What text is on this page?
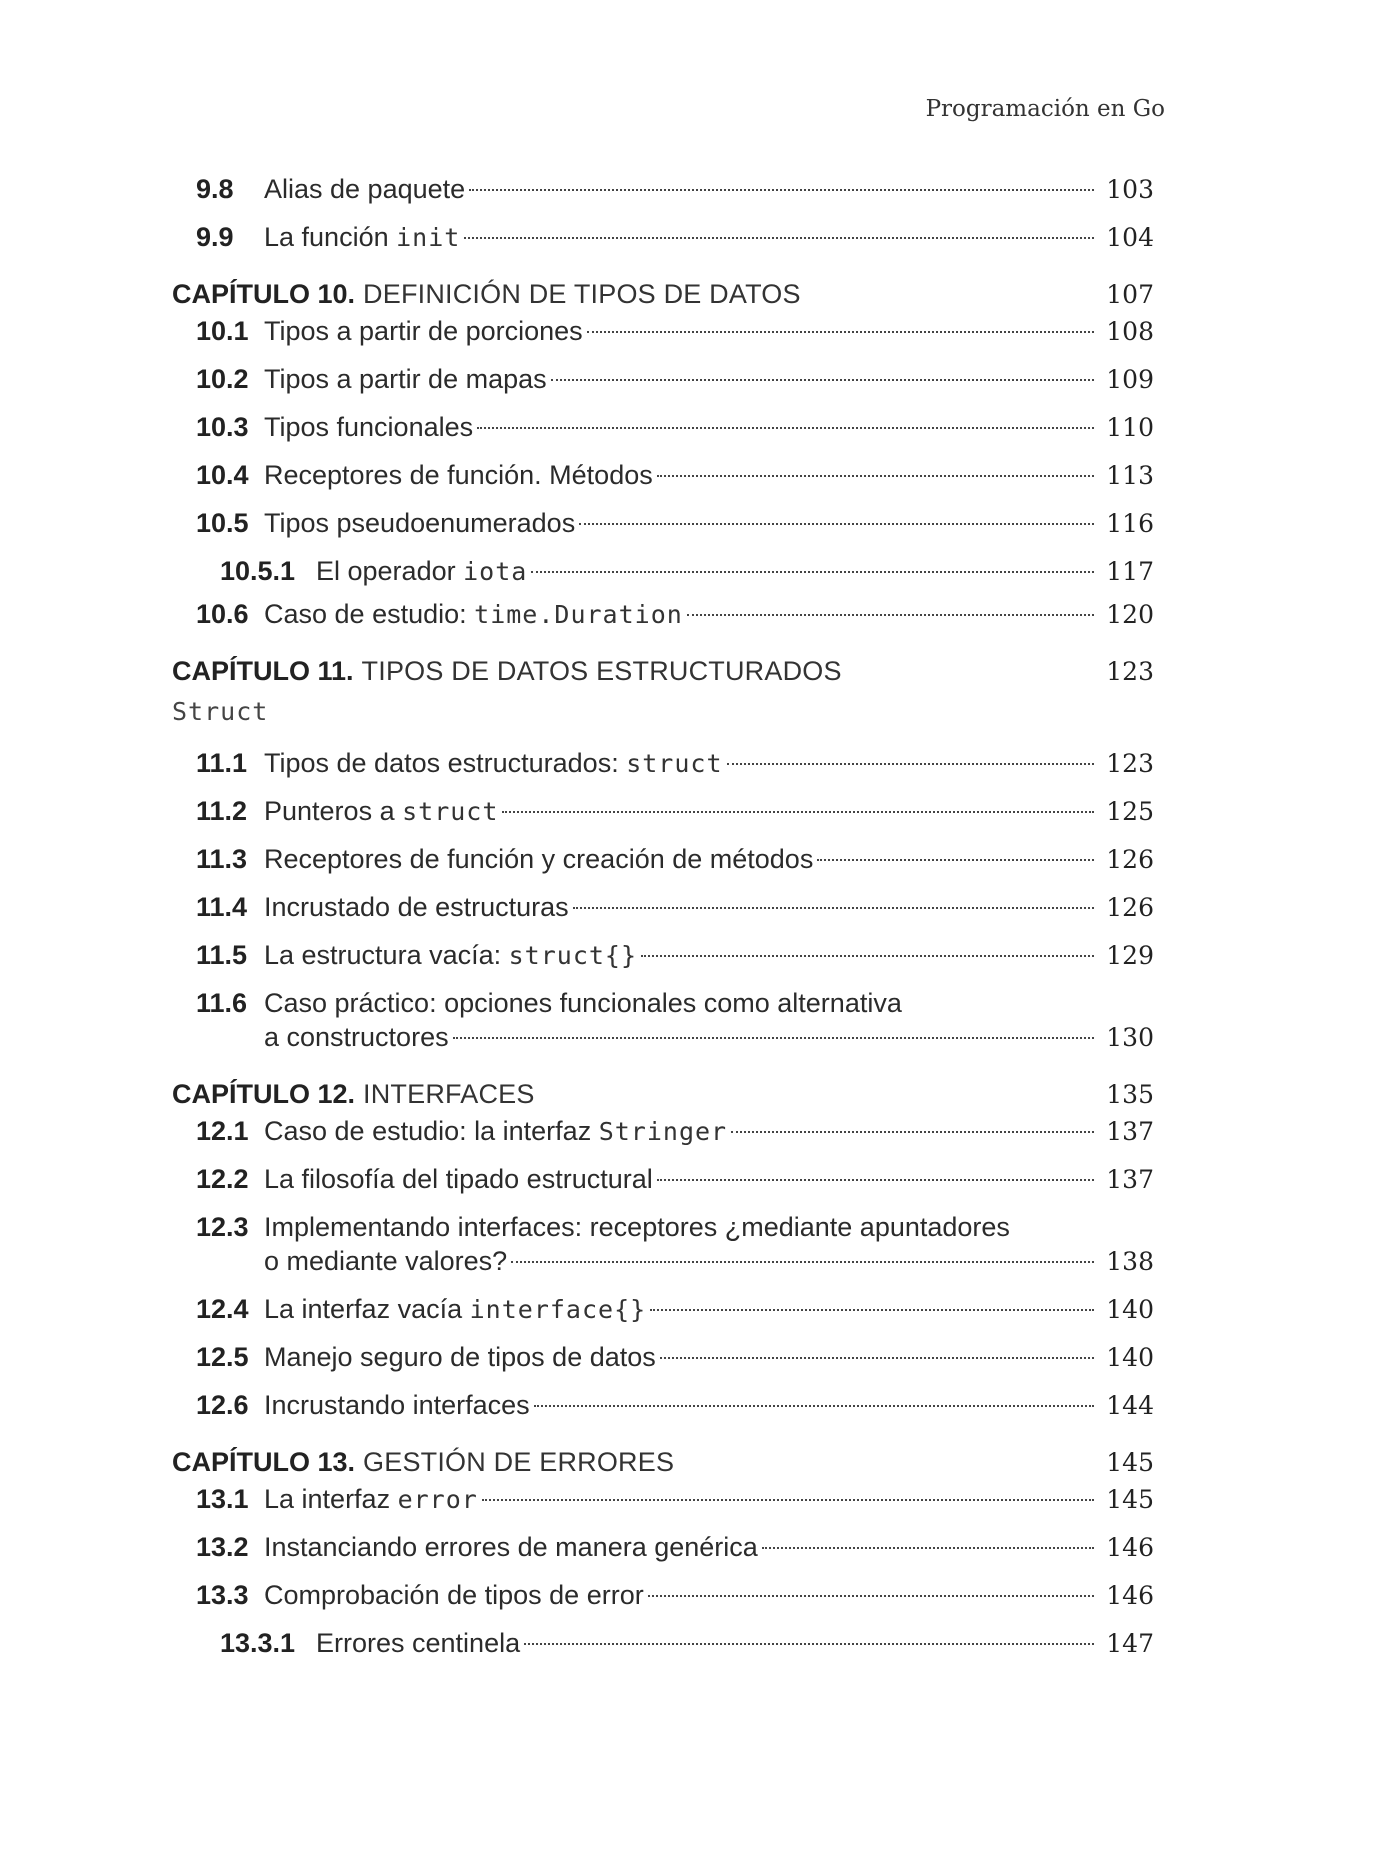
Programación en Go
9.8	Alias de paquete	103
9.9	La función init	104
CAPÍTULO 10. DEFINICIÓN DE TIPOS DE DATOS	107
10.1 Tipos a partir de porciones	108
10.2 Tipos a partir de mapas	109
10.3 Tipos funcionales	110
10.4 Receptores de función. Métodos	113
10.5 Tipos pseudoenumerados	116
10.5.1 El operador iota	117
10.6 Caso de estudio: time.Duration	120
CAPÍTULO 11. TIPOS DE DATOS ESTRUCTURADOS	123
Struct
11.1 Tipos de datos estructurados: struct	123
11.2 Punteros a struct	125
11.3 Receptores de función y creación de métodos	126
11.4 Incrustado de estructuras	126
11.5 La estructura vacía: struct{}	129
11.6 Caso práctico: opciones funcionales como alternativa
a constructores	130
CAPÍTULO 12. INTERFACES	135
12.1 Caso de estudio: la interfaz Stringer	137
12.2 La filosofía del tipado estructural	137
12.3 Implementando interfaces: receptores ¿mediante apuntadores
o mediante valores?	138
12.4 La interfaz vacía interface{}	140
12.5 Manejo seguro de tipos de datos	140
12.6 Incrustando interfaces	144
CAPÍTULO 13. GESTIÓN DE ERRORES	145
13.1 La interfaz error	145
13.2 Instanciando errores de manera genérica	146
13.3 Comprobación de tipos de error	146
13.3.1 Errores centinela	147
